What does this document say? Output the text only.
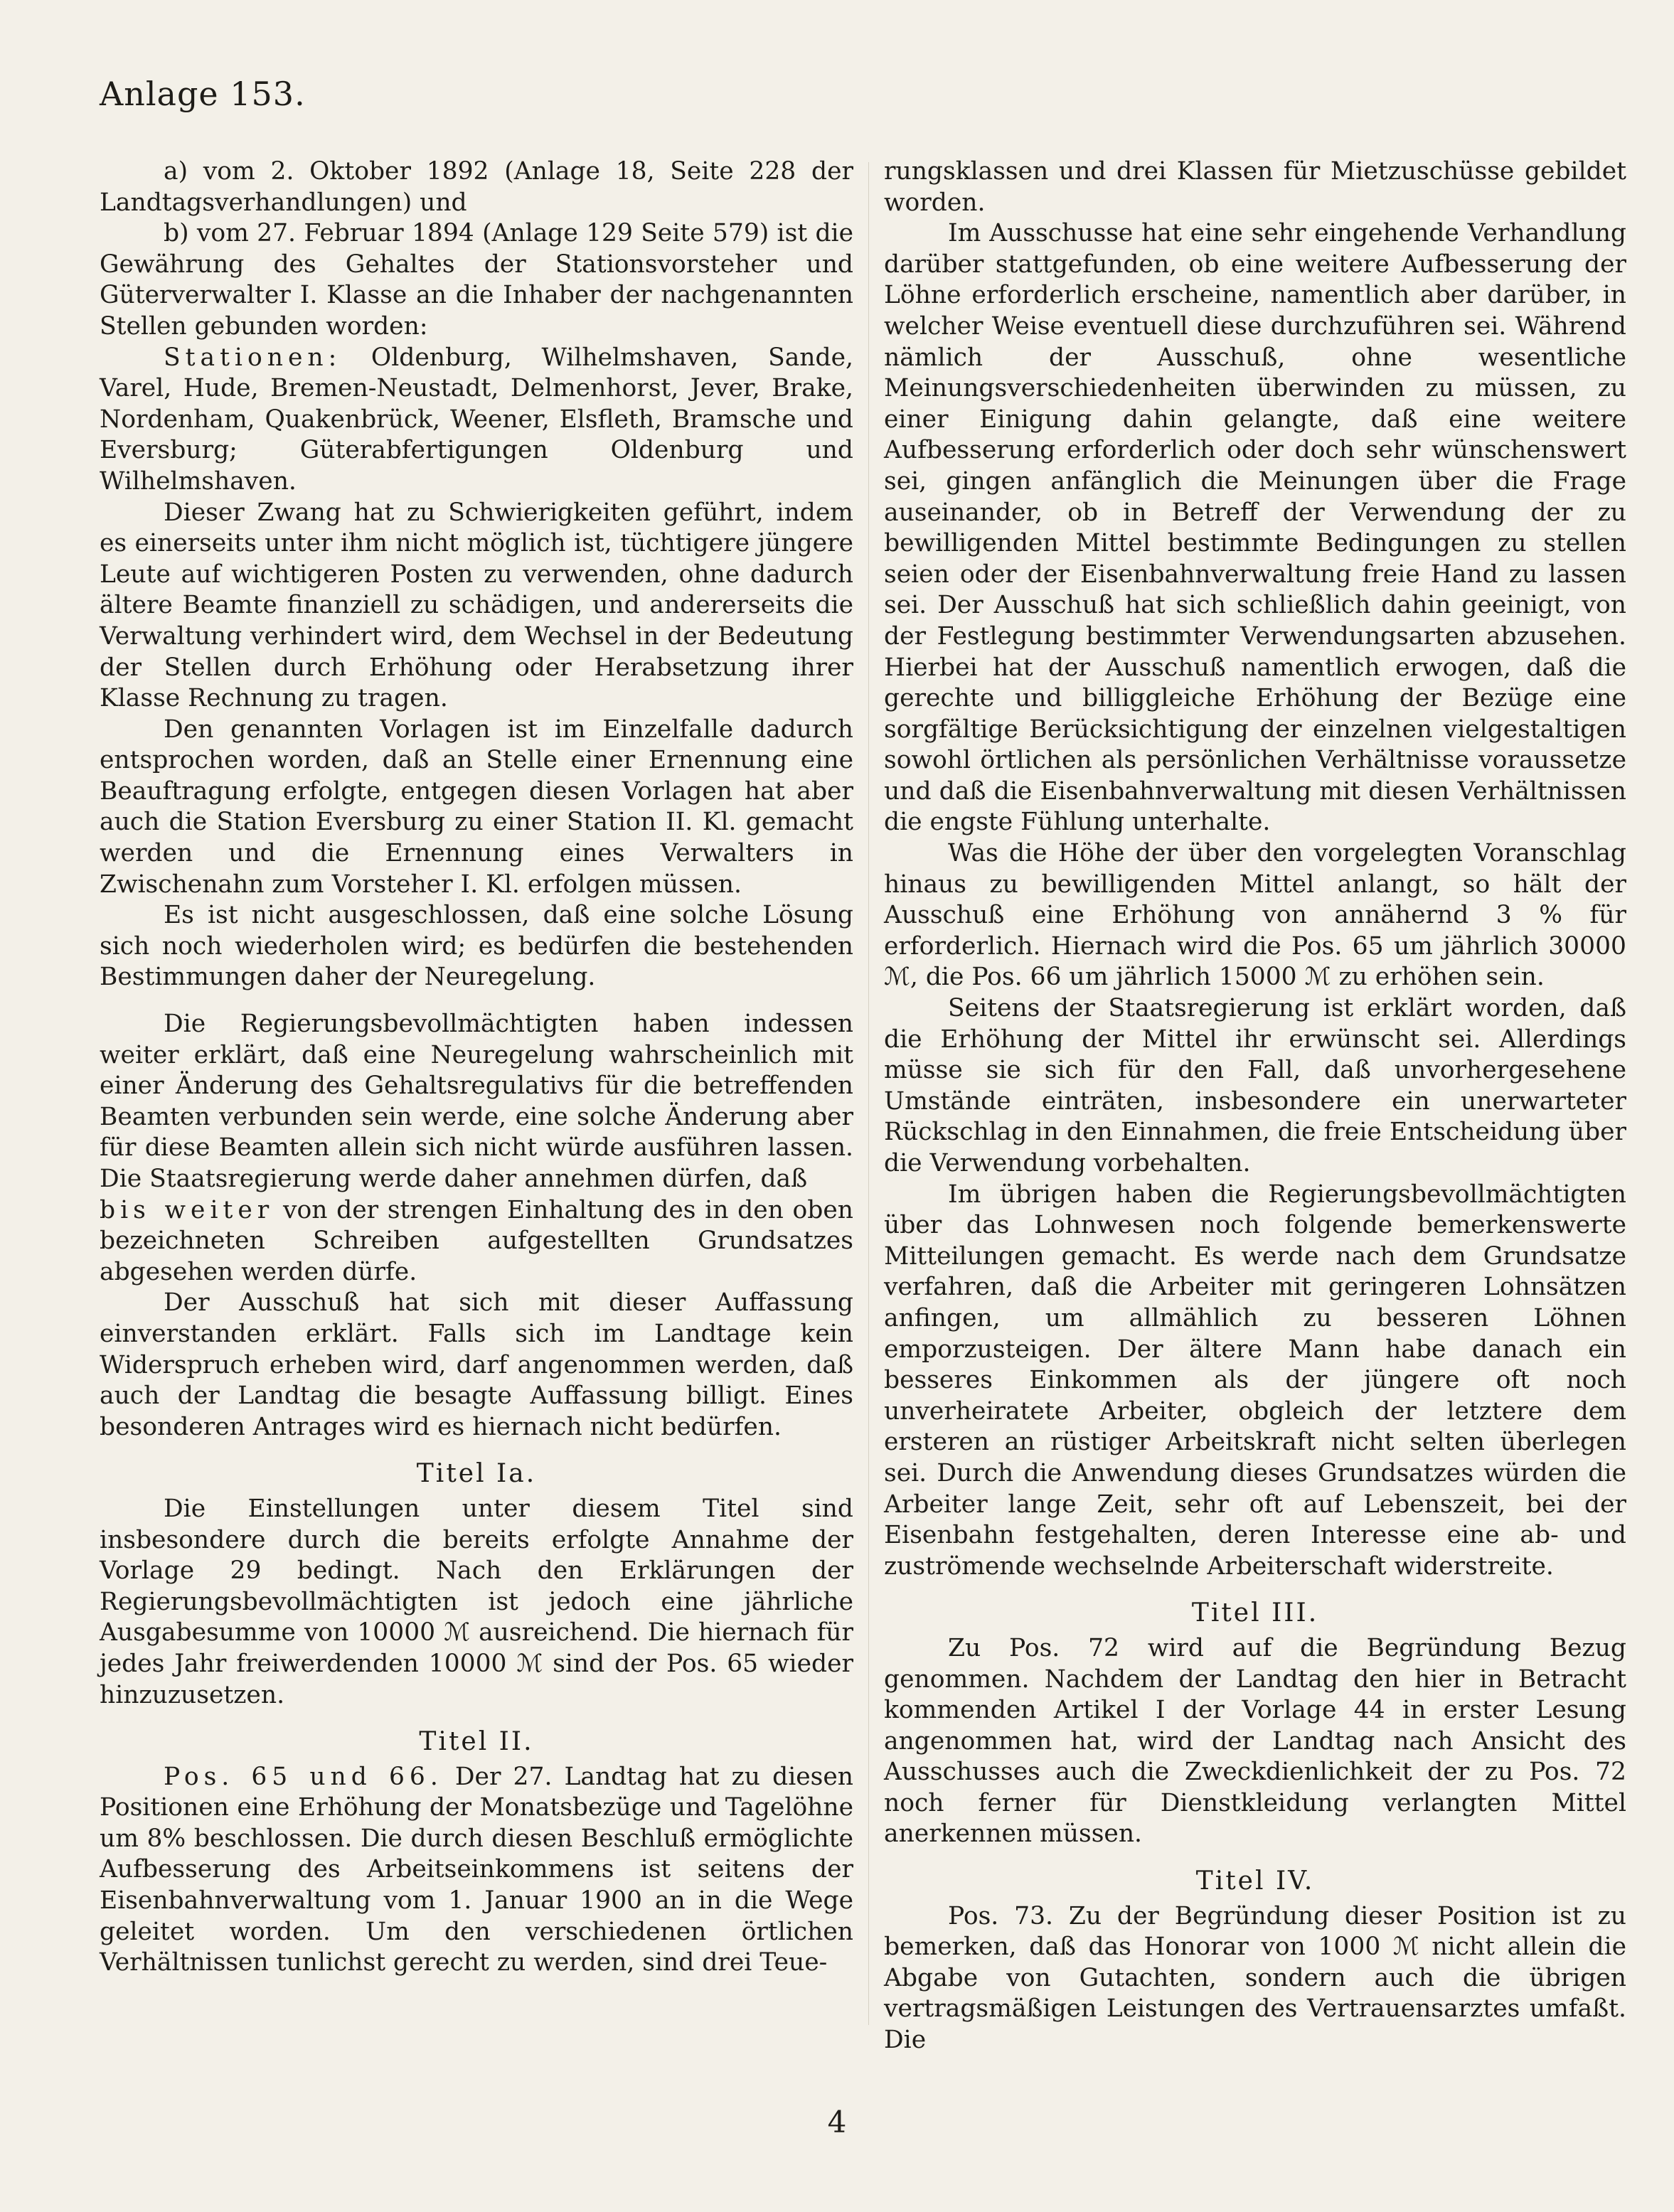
Anlage 153.

a) vom 2. Oktober 1892 (Anlage 18, Seite 228 der Landtagsverhandlungen) und

b) vom 27. Februar 1894 (Anlage 129 Seite 579) ist die Gewährung des Gehaltes der Stationsvorsteher und Güterverwalter I. Klasse an die Inhaber der nachgenannten Stellen gebunden worden:

Stationen: Oldenburg, Wilhelmshaven, Sande, Varel, Hude, Bremen-Neustadt, Delmenhorst, Jever, Brake, Nordenham, Quakenbrück, Weener, Elsfleth, Bramsche und Eversburg; Güterabfertigungen Oldenburg und Wilhelmshaven.

Dieser Zwang hat zu Schwierigkeiten geführt, indem es einerseits unter ihm nicht möglich ist, tüchtigere jüngere Leute auf wichtigeren Posten zu verwenden, ohne dadurch ältere Beamte finanziell zu schädigen, und andererseits die Verwaltung verhindert wird, dem Wechsel in der Bedeutung der Stellen durch Erhöhung oder Herabsetzung ihrer Klasse Rechnung zu tragen.

Den genannten Vorlagen ist im Einzelfalle dadurch entsprochen worden, daß an Stelle einer Ernennung eine Beauftragung erfolgte, entgegen diesen Vorlagen hat aber auch die Station Eversburg zu einer Station II. Kl. gemacht werden und die Ernennung eines Verwalters in Zwischenahn zum Vorsteher I. Kl. erfolgen müssen.

Es ist nicht ausgeschlossen, daß eine solche Lösung sich noch wiederholen wird; es bedürfen die bestehenden Bestimmungen daher der Neuregelung.

Die Regierungsbevollmächtigten haben indessen weiter erklärt, daß eine Neuregelung wahrscheinlich mit einer Änderung des Gehaltsregulativs für die betreffenden Beamten verbunden sein werde, eine solche Änderung aber für diese Beamten allein sich nicht würde ausführen lassen. Die Staatsregierung werde daher annehmen dürfen, daß

bis weiter von der strengen Einhaltung des in den oben bezeichneten Schreiben aufgestellten Grundsatzes abgesehen werden dürfe.

Der Ausschuß hat sich mit dieser Auffassung einverstanden erklärt. Falls sich im Landtage kein Widerspruch erheben wird, darf angenommen werden, daß auch der Landtag die besagte Auffassung billigt. Eines besonderen Antrages wird es hiernach nicht bedürfen.

Titel Ia.

Die Einstellungen unter diesem Titel sind insbesondere durch die bereits erfolgte Annahme der Vorlage 29 bedingt. Nach den Erklärungen der Regierungsbevollmächtigten ist jedoch eine jährliche Ausgabesumme von 10000 ℳ ausreichend. Die hiernach für jedes Jahr freiwerdenden 10000 ℳ sind der Pos. 65 wieder hinzuzusetzen.

Titel II.

Pos. 65 und 66. Der 27. Landtag hat zu diesen Positionen eine Erhöhung der Monatsbezüge und Tagelöhne um 8% beschlossen. Die durch diesen Beschluß ermöglichte Aufbesserung des Arbeitseinkommens ist seitens der Eisenbahnverwaltung vom 1. Januar 1900 an in die Wege geleitet worden. Um den verschiedenen örtlichen Verhältnissen tunlichst gerecht zu werden, sind drei Teue-

rungsklassen und drei Klassen für Mietzuschüsse gebildet worden.

Im Ausschusse hat eine sehr eingehende Verhandlung darüber stattgefunden, ob eine weitere Aufbesserung der Löhne erforderlich erscheine, namentlich aber darüber, in welcher Weise eventuell diese durchzuführen sei. Während nämlich der Ausschuß, ohne wesentliche Meinungsverschiedenheiten überwinden zu müssen, zu einer Einigung dahin gelangte, daß eine weitere Aufbesserung erforderlich oder doch sehr wünschenswert sei, gingen anfänglich die Meinungen über die Frage auseinander, ob in Betreff der Verwendung der zu bewilligenden Mittel bestimmte Bedingungen zu stellen seien oder der Eisenbahnverwaltung freie Hand zu lassen sei. Der Ausschuß hat sich schließlich dahin geeinigt, von der Festlegung bestimmter Verwendungsarten abzusehen. Hierbei hat der Ausschuß namentlich erwogen, daß die gerechte und billiggleiche Erhöhung der Bezüge eine sorgfältige Berücksichtigung der einzelnen vielgestaltigen sowohl örtlichen als persönlichen Verhältnisse voraussetze und daß die Eisenbahnverwaltung mit diesen Verhältnissen die engste Fühlung unterhalte.

Was die Höhe der über den vorgelegten Voranschlag hinaus zu bewilligenden Mittel anlangt, so hält der Ausschuß eine Erhöhung von annähernd 3 % für erforderlich. Hiernach wird die Pos. 65 um jährlich 30000 ℳ, die Pos. 66 um jährlich 15000 ℳ zu erhöhen sein.

Seitens der Staatsregierung ist erklärt worden, daß die Erhöhung der Mittel ihr erwünscht sei. Allerdings müsse sie sich für den Fall, daß unvorhergesehene Umstände einträten, insbesondere ein unerwarteter Rückschlag in den Einnahmen, die freie Entscheidung über die Verwendung vorbehalten.

Im übrigen haben die Regierungsbevollmächtigten über das Lohnwesen noch folgende bemerkenswerte Mitteilungen gemacht. Es werde nach dem Grundsatze verfahren, daß die Arbeiter mit geringeren Lohnsätzen anfingen, um allmählich zu besseren Löhnen emporzusteigen. Der ältere Mann habe danach ein besseres Einkommen als der jüngere oft noch unverheiratete Arbeiter, obgleich der letztere dem ersteren an rüstiger Arbeitskraft nicht selten überlegen sei. Durch die Anwendung dieses Grundsatzes würden die Arbeiter lange Zeit, sehr oft auf Lebenszeit, bei der Eisenbahn festgehalten, deren Interesse eine ab- und zuströmende wechselnde Arbeiterschaft widerstreite.

Titel III.

Zu Pos. 72 wird auf die Begründung Bezug genommen. Nachdem der Landtag den hier in Betracht kommenden Artikel I der Vorlage 44 in erster Lesung angenommen hat, wird der Landtag nach Ansicht des Ausschusses auch die Zweckdienlichkeit der zu Pos. 72 noch ferner für Dienstkleidung verlangten Mittel anerkennen müssen.

Titel IV.

Pos. 73. Zu der Begründung dieser Position ist zu bemerken, daß das Honorar von 1000 ℳ nicht allein die Abgabe von Gutachten, sondern auch die übrigen vertragsmäßigen Leistungen des Vertrauensarztes umfaßt. Die

4
